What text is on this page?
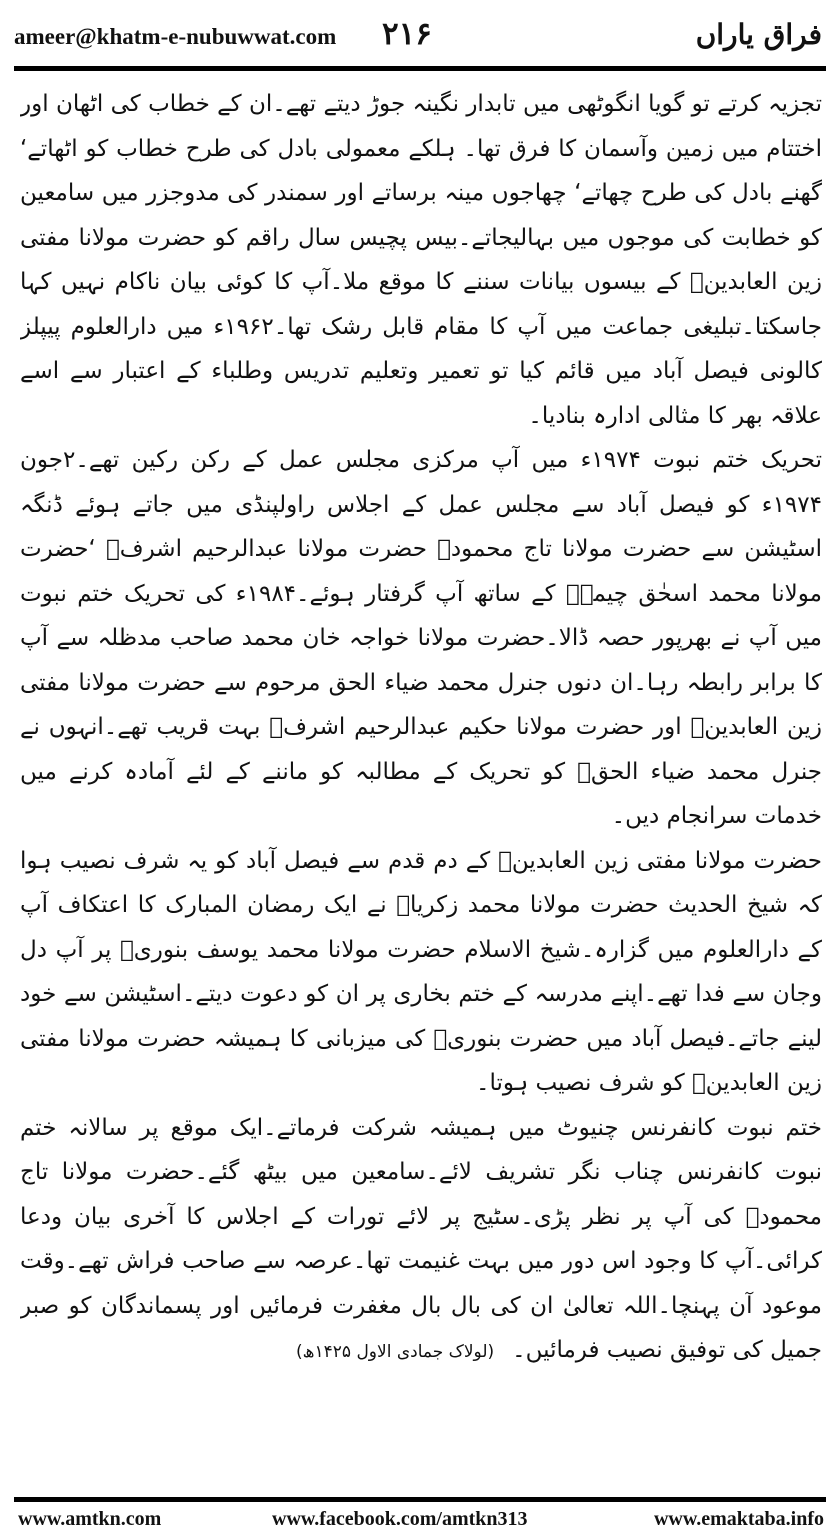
ameer@khatm-e-nubuwwat.com ۲۱۶	فراق یاراں

تجزیہ کرتے تو گویا انگوٹھی میں تابدار نگینہ جوڑ دیتے تھے۔ان کے خطاب کی اٹھان اور اختتام میں زمین وآسمان کا فرق تھا۔ ہلکے معمولی بادل کی طرح خطاب کو اٹھاتے‘ گھنے بادل کی طرح چھاتے‘ چھاجوں مینہ برساتے اور سمندر کی مدوجزر میں سامعین کو خطابت کی موجوں میں بہالیجاتے۔بیس پچیس سال راقم کو حضرت مولانا مفتی زین العابدینؒ کے بیسوں بیانات سننے کا موقع ملا۔آپ کا کوئی بیان ناکام نہیں کہا جاسکتا۔تبلیغی جماعت میں آپ کا مقام قابل رشک تھا۔۱۹۶۲ء میں دارالعلوم پیپلز کالونی فیصل آباد میں قائم کیا تو تعمیر وتعلیم تدریس وطلباء کے اعتبار سے اسے علاقہ بھر کا مثالی ادارہ بنادیا۔

تحریک ختم نبوت ۱۹۷۴ء میں آپ مرکزی مجلس عمل کے رکن رکین تھے۔۲جون ۱۹۷۴ء کو فیصل آباد سے مجلس عمل کے اجلاس راولپنڈی میں جاتے ہوئے ڈنگہ اسٹیشن سے حضرت مولانا تاج محمودؒ حضرت مولانا عبدالرحیم اشرفؒ ‘حضرت مولانا محمد اسحٰق چیمہؒ کے ساتھ آپ گرفتار ہوئے۔۱۹۸۴ء کی تحریک ختم نبوت میں آپ نے بھرپور حصہ ڈالا۔حضرت مولانا خواجہ خان محمد صاحب مدظلہ سے آپ کا برابر رابطہ رہا۔ان دنوں جنرل محمد ضیاء الحق مرحوم سے حضرت مولانا مفتی زین العابدینؒ اور حضرت مولانا حکیم عبدالرحیم اشرفؒ بہت قریب تھے۔انہوں نے جنرل محمد ضیاء الحقؒ کو تحریک کے مطالبہ کو ماننے کے لئے آمادہ کرنے میں خدمات سرانجام دیں۔

حضرت مولانا مفتی زین العابدینؒ کے دم قدم سے فیصل آباد کو یہ شرف نصیب ہوا کہ شیخ الحدیث حضرت مولانا محمد زکریاؒ نے ایک رمضان المبارک کا اعتکاف آپ کے دارالعلوم میں گزارہ۔شیخ الاسلام حضرت مولانا محمد یوسف بنوریؒ پر آپ دل وجان سے فدا تھے۔اپنے مدرسہ کے ختم بخاری پر ان کو دعوت دیتے۔اسٹیشن سے خود لینے جاتے۔فیصل آباد میں حضرت بنوریؒ کی میزبانی کا ہمیشہ حضرت مولانا مفتی زین العابدینؒ کو شرف نصیب ہوتا۔

ختم نبوت کانفرنس چنیوٹ میں ہمیشہ شرکت فرماتے۔ایک موقع پر سالانہ ختم نبوت کانفرنس چناب نگر تشریف لائے۔سامعین میں بیٹھ گئے۔حضرت مولانا تاج محمودؒ کی آپ پر نظر پڑی۔سٹیج پر لائے تورات کے اجلاس کا آخری بیان ودعا کرائی۔آپ کا وجود اس دور میں بہت غنیمت تھا۔عرصہ سے صاحب فراش تھے۔وقت موعود آن پہنچا۔اللہ تعالیٰ ان کی بال بال مغفرت فرمائیں اور پسماندگان کو صبر جمیل کی توفیق نصیب فرمائیں۔(لولاک جمادی الاول ۱۴۲۵ھ)

www.amtkn.com	www.facebook.com/amtkn313	www.emaktaba.info
